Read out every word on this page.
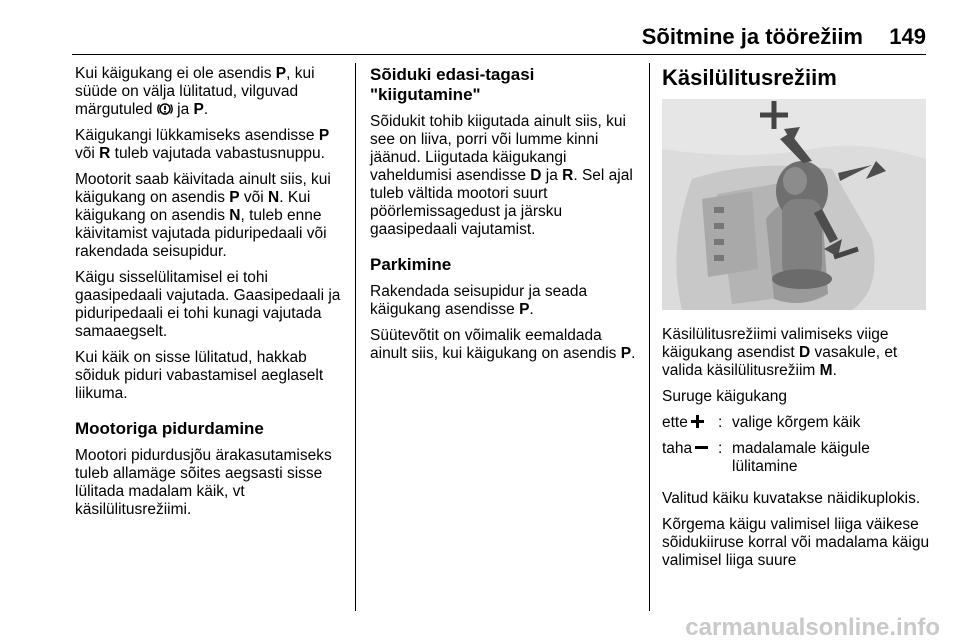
Sõitmine ja töörežiim	149

Kui käigukang ei ole asendis P, kui süüde on välja lülitatud, vilguvad märgutuled  ja P.

Käigukangi lükkamiseks asendisse P või R tuleb vajutada vabastusnuppu.

Mootorit saab käivitada ainult siis, kui käigukang on asendis P või N. Kui käigukang on asendis N, tuleb enne käivitamist vajutada piduripedaali või rakendada seisupidur.

Käigu sisselülitamisel ei tohi gaasipedaali vajutada. Gaasipedaali ja piduripedaali ei tohi kunagi vajutada samaaegselt.

Kui käik on sisse lülitatud, hakkab sõiduk piduri vabastamisel aeglaselt liikuma.

Mootoriga pidurdamine

Mootori pidurdusjõu ärakasutamiseks tuleb allamäge sõites aegsasti sisse lülitada madalam käik, vt käsilülitusrežiimi.

Sõiduki edasi-tagasi "kiigutamine"

Sõidukit tohib kiigutada ainult siis, kui see on liiva, porri või lumme kinni jäänud. Liigutada käigukangi vaheldumisi asendisse D ja R. Sel ajal tuleb vältida mootori suurt pöörlemissagedust ja järsku gaasipedaali vajutamist.

Parkimine

Rakendada seisupidur ja seada käigukang asendisse P.

Süütevõtit on võimalik eemaldada ainult siis, kui käigukang on asendis P.

Käsilülitusrežiim

Käsilülitusrežiimi valimiseks viige käigukang asendist D vasakule, et valida käsilülitusrežiim M.

Suruge käigukang

ette	: valige kõrgem käik
taha	: madalamale käigule lülitamine

Valitud käiku kuvatakse näidikuplokis.

Kõrgema käigu valimisel liiga väikese sõidukiiruse korral või madalama käigu valimisel liiga suure

carmanualsonline.info
